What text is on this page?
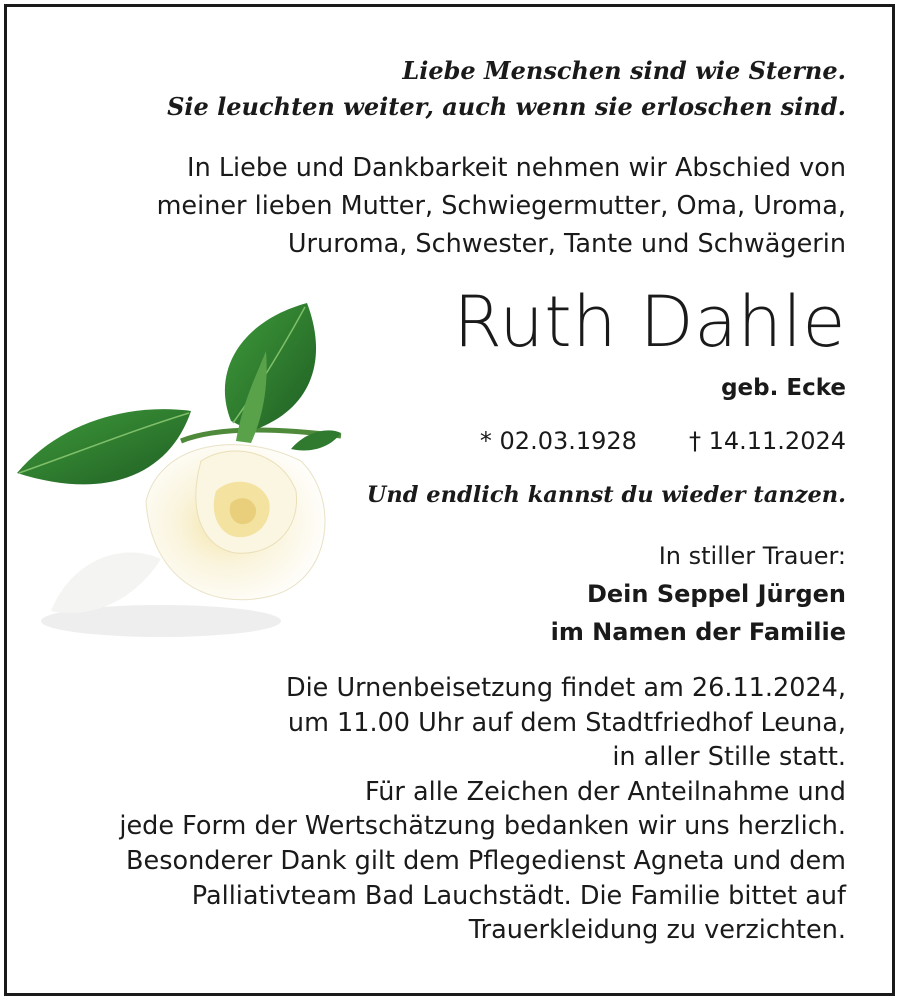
Liebe Menschen sind wie Sterne.
Sie leuchten weiter, auch wenn sie erloschen sind.
In Liebe und Dankbarkeit nehmen wir Abschied von
meiner lieben Mutter, Schwiegermutter, Oma, Uroma,
Ururoma, Schwester, Tante und Schwägerin
Ruth Dahle
geb. Ecke
* 02.03.1928 † 14.11.2024
Und endlich kannst du wieder tanzen.
In stiller Trauer:
Dein Seppel Jürgen
im Namen der Familie
Die Urnenbeisetzung findet am 26.11.2024,
um 11.00 Uhr auf dem Stadtfriedhof Leuna,
in aller Stille statt.
Für alle Zeichen der Anteilnahme und
jede Form der Wertschätzung bedanken wir uns herzlich.
Besonderer Dank gilt dem Pflegedienst Agneta und dem
Palliativteam Bad Lauchstädt. Die Familie bittet auf
Trauerkleidung zu verzichten.
